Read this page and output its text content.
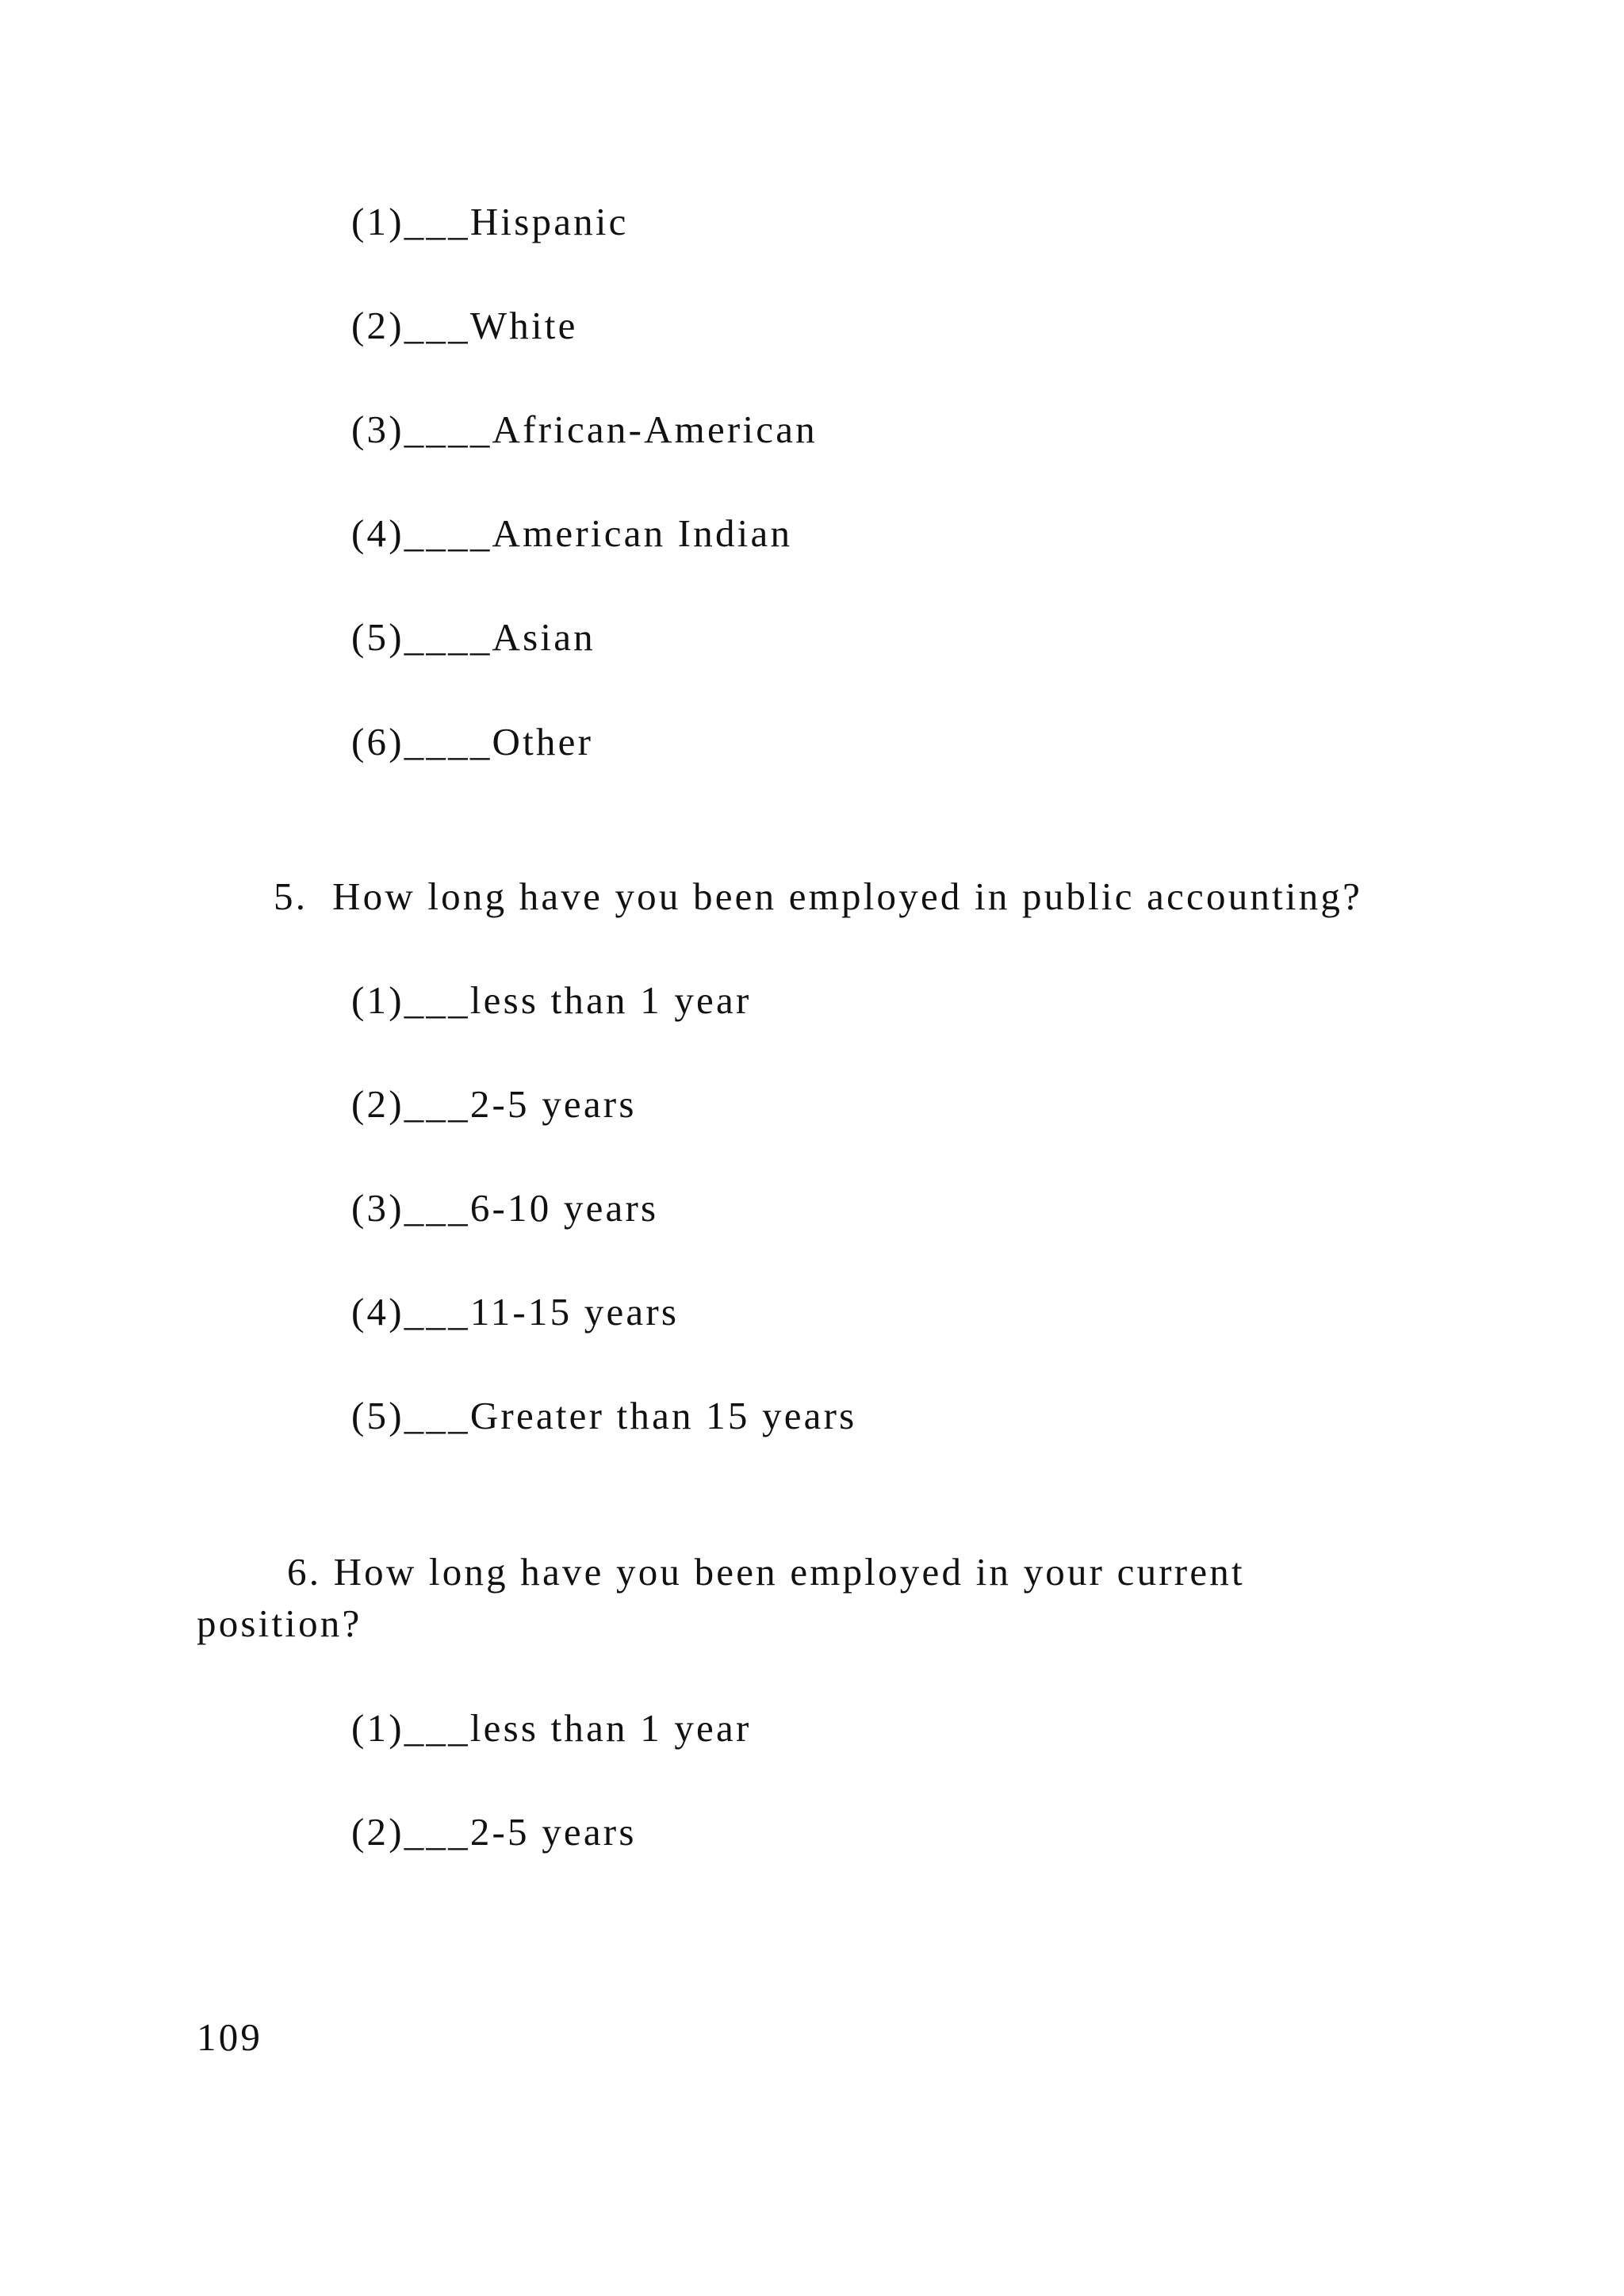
(1)___Hispanic
(2)___White
(3)____African-American
(4)____American Indian
(5)____Asian
(6)____Other
5.  How long have you been employed in public accounting?
(1)___less than 1 year
(2)___2-5 years
(3)___6-10 years
(4)___11-15 years
(5)___Greater than 15 years
6. How long have you been employed in your current
position?
(1)___less than 1 year
(2)___2-5 years
109
